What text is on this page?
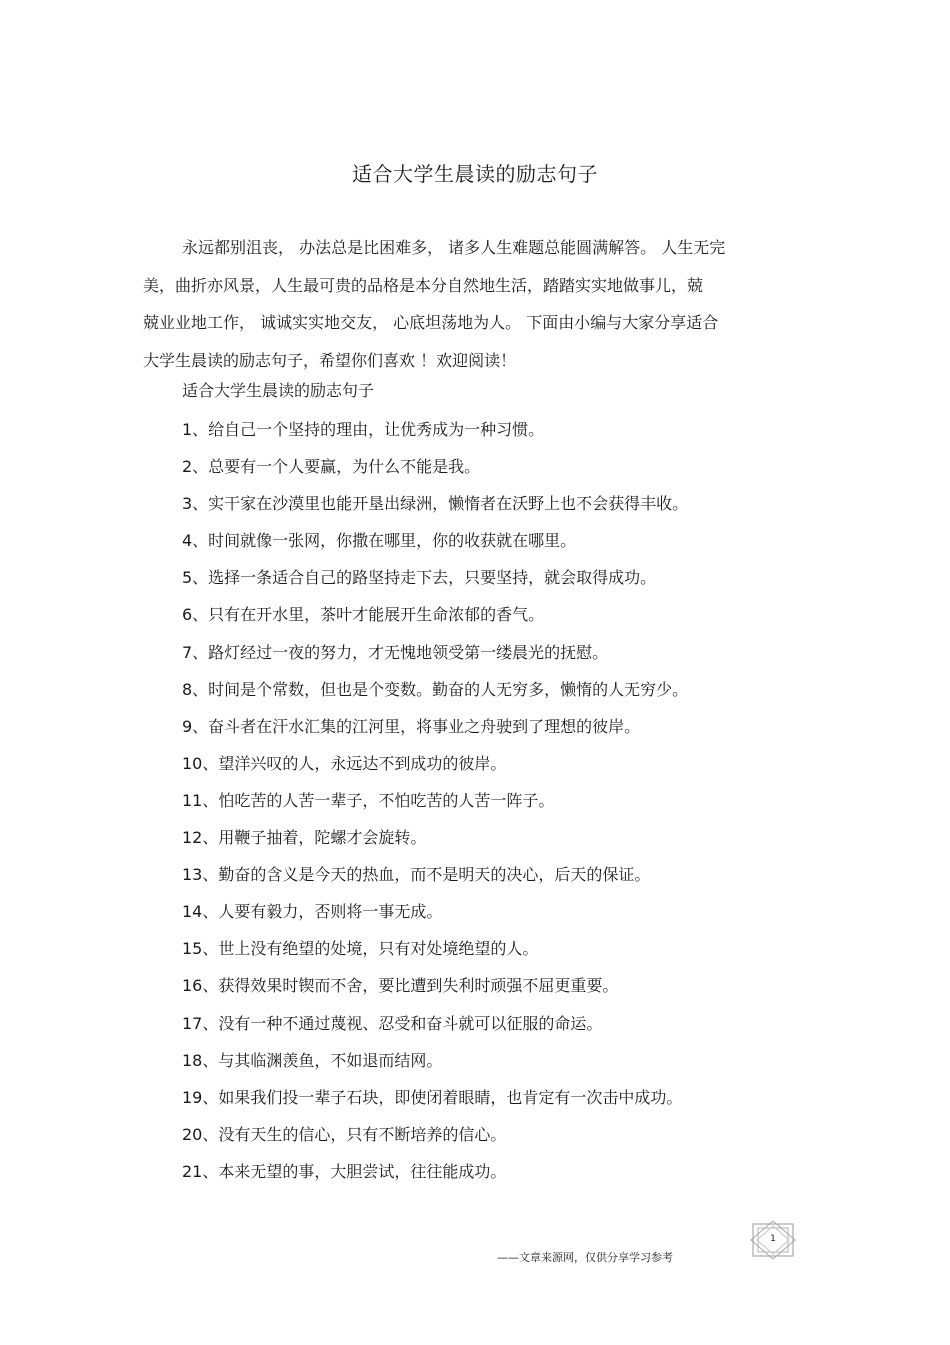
适合大学生晨读的励志句子
永远都别沮丧， 办法总是比困难多， 诸多人生难题总能圆满解答。 人生无完
美，曲折亦风景，人生最可贵的品格是本分自然地生活，踏踏实实地做事儿，兢
兢业业地工作， 诚诚实实地交友， 心底坦荡地为人。 下面由小编与大家分享适合
大学生晨读的励志句子，希望你们喜欢 ！欢迎阅读！
适合大学生晨读的励志句子
1、给自己一个坚持的理由，让优秀成为一种习惯。
2、总要有一个人要赢，为什么不能是我。
3、实干家在沙漠里也能开垦出绿洲，懒惰者在沃野上也不会获得丰收。
4、时间就像一张网，你撒在哪里，你的收获就在哪里。
5、选择一条适合自己的路坚持走下去，只要坚持，就会取得成功。
6、只有在开水里，茶叶才能展开生命浓郁的香气。
7、路灯经过一夜的努力，才无愧地领受第一缕晨光的抚慰。
8、时间是个常数，但也是个变数。勤奋的人无穷多，懒惰的人无穷少。
9、奋斗者在汗水汇集的江河里，将事业之舟驶到了理想的彼岸。
10、望洋兴叹的人，永远达不到成功的彼岸。
11、怕吃苦的人苦一辈子，不怕吃苦的人苦一阵子。
12、用鞭子抽着，陀螺才会旋转。
13、勤奋的含义是今天的热血，而不是明天的决心，后天的保证。
14、人要有毅力，否则将一事无成。
15、世上没有绝望的处境，只有对处境绝望的人。
16、获得效果时锲而不舍，要比遭到失利时顽强不屈更重要。
17、没有一种不通过蔑视、忍受和奋斗就可以征服的命运。
18、与其临渊羡鱼，不如退而结网。
19、如果我们投一辈子石块，即使闭着眼睛，也肯定有一次击中成功。
20、没有天生的信心，只有不断培养的信心。
21、本来无望的事，大胆尝试，往往能成功。
1
——文章来源网，仅供分享学习参考
